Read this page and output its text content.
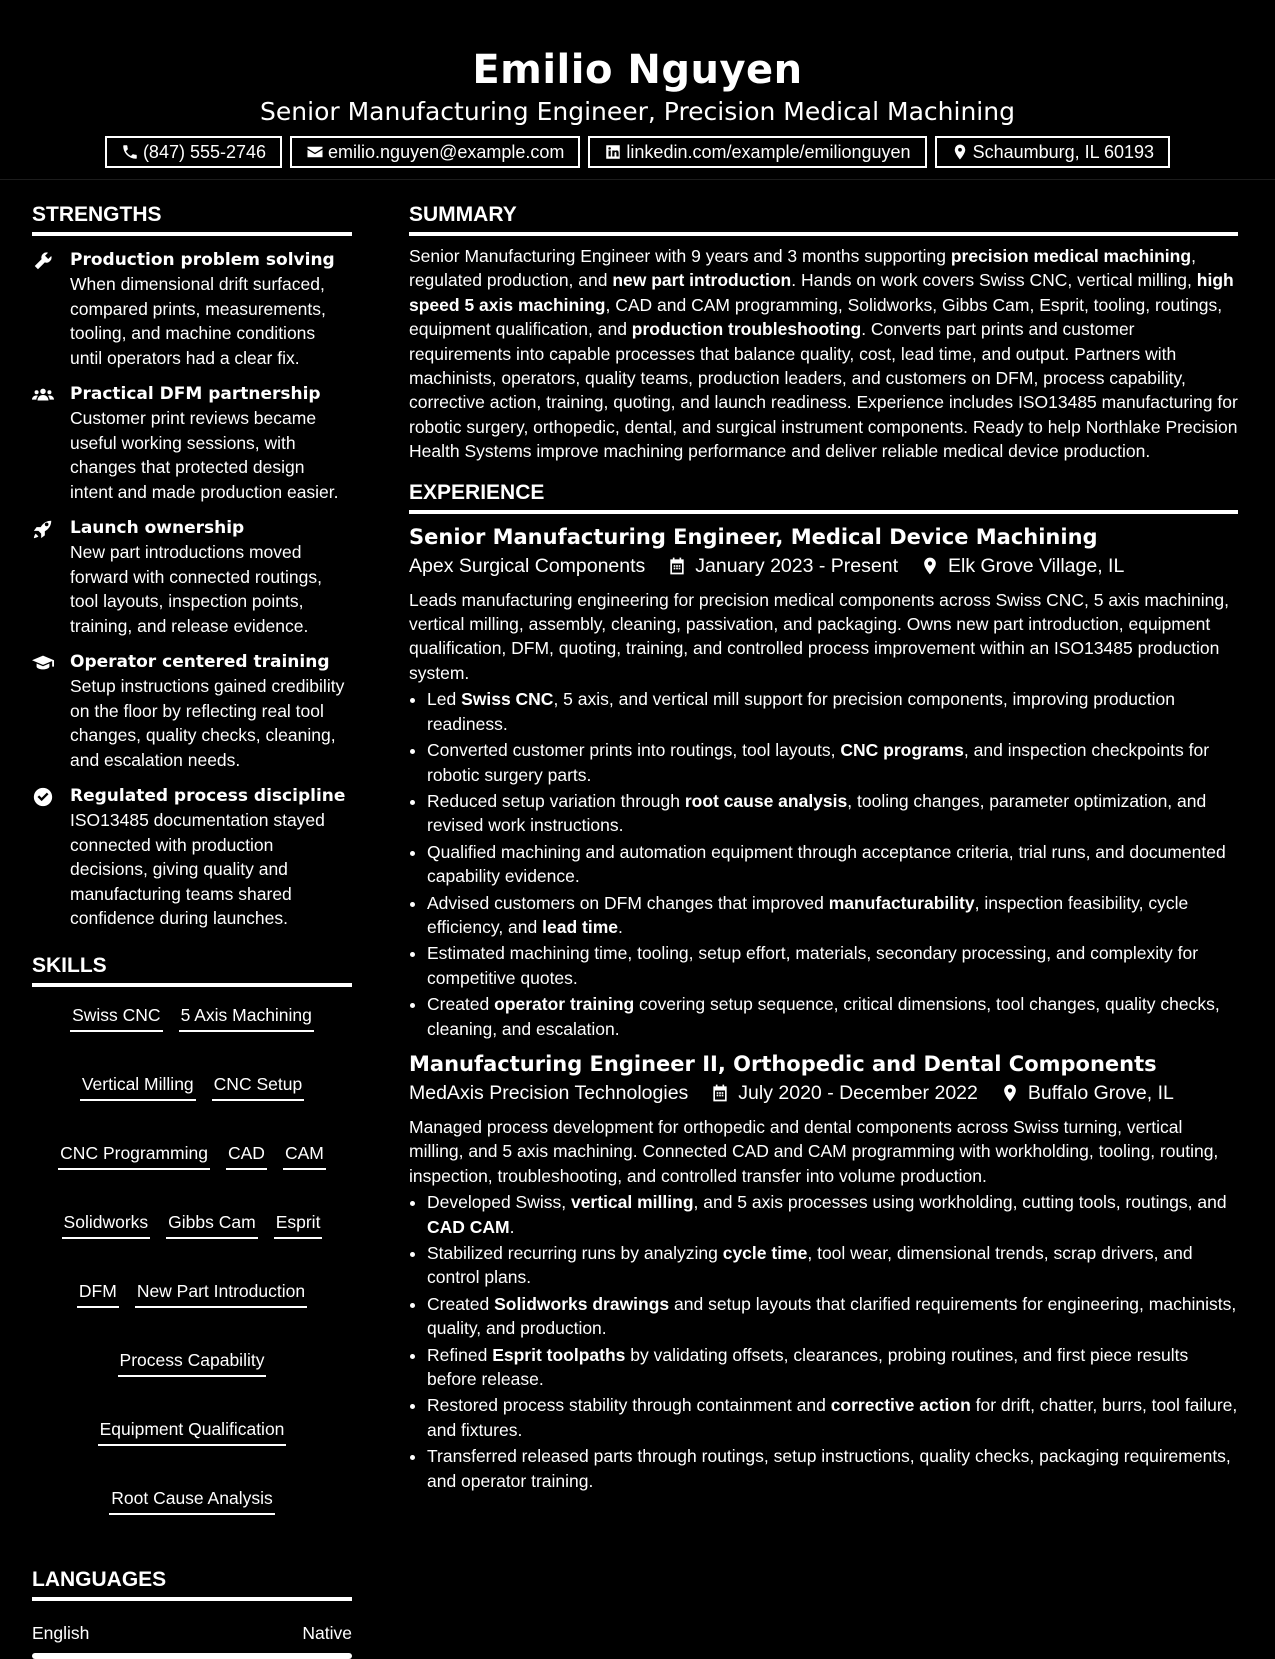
Emilio Nguyen
Senior Manufacturing Engineer, Precision Medical Machining
(847) 555-2746	emilio.nguyen@example.com	linkedin.com/example/emilionguyen	Schaumburg, IL 60193
STRENGTHS
Production problem solving
When dimensional drift surfaced, compared prints, measurements, tooling, and machine conditions until operators had a clear fix.
Practical DFM partnership
Customer print reviews became useful working sessions, with changes that protected design intent and made production easier.
Launch ownership
New part introductions moved forward with connected routings, tool layouts, inspection points, training, and release evidence.
Operator centered training
Setup instructions gained credibility on the floor by reflecting real tool changes, quality checks, cleaning, and escalation needs.
Regulated process discipline
ISO13485 documentation stayed connected with production decisions, giving quality and manufacturing teams shared confidence during launches.
SKILLS
Swiss CNC 5 Axis Machining
Vertical Milling CNC Setup
CNC Programming CAD CAM
Solidworks Gibbs Cam Esprit
DFM New Part Introduction
Process Capability
Equipment Qualification
Root Cause Analysis
LANGUAGES
English	Native
SUMMARY
Senior Manufacturing Engineer with 9 years and 3 months supporting precision medical machining, regulated production, and new part introduction. Hands on work covers Swiss CNC, vertical milling, high speed 5 axis machining, CAD and CAM programming, Solidworks, Gibbs Cam, Esprit, tooling, routings, equipment qualification, and production troubleshooting. Converts part prints and customer requirements into capable processes that balance quality, cost, lead time, and output. Partners with machinists, operators, quality teams, production leaders, and customers on DFM, process capability, corrective action, training, quoting, and launch readiness. Experience includes ISO13485 manufacturing for robotic surgery, orthopedic, dental, and surgical instrument components. Ready to help Northlake Precision Health Systems improve machining performance and deliver reliable medical device production.
EXPERIENCE
Senior Manufacturing Engineer, Medical Device Machining
Apex Surgical Components	January 2023 - Present	Elk Grove Village, IL
Leads manufacturing engineering for precision medical components across Swiss CNC, 5 axis machining, vertical milling, assembly, cleaning, passivation, and packaging. Owns new part introduction, equipment qualification, DFM, quoting, training, and controlled process improvement within an ISO13485 production system.
• Led Swiss CNC, 5 axis, and vertical mill support for precision components, improving production readiness.
• Converted customer prints into routings, tool layouts, CNC programs, and inspection checkpoints for robotic surgery parts.
• Reduced setup variation through root cause analysis, tooling changes, parameter optimization, and revised work instructions.
• Qualified machining and automation equipment through acceptance criteria, trial runs, and documented capability evidence.
• Advised customers on DFM changes that improved manufacturability, inspection feasibility, cycle efficiency, and lead time.
• Estimated machining time, tooling, setup effort, materials, secondary processing, and complexity for competitive quotes.
• Created operator training covering setup sequence, critical dimensions, tool changes, quality checks, cleaning, and escalation.
Manufacturing Engineer II, Orthopedic and Dental Components
MedAxis Precision Technologies	July 2020 - December 2022	Buffalo Grove, IL
Managed process development for orthopedic and dental components across Swiss turning, vertical milling, and 5 axis machining. Connected CAD and CAM programming with workholding, tooling, routing, inspection, troubleshooting, and controlled transfer into volume production.
• Developed Swiss, vertical milling, and 5 axis processes using workholding, cutting tools, routings, and CAD CAM.
• Stabilized recurring runs by analyzing cycle time, tool wear, dimensional trends, scrap drivers, and control plans.
• Created Solidworks drawings and setup layouts that clarified requirements for engineering, machinists, quality, and production.
• Refined Esprit toolpaths by validating offsets, clearances, probing routines, and first piece results before release.
• Restored process stability through containment and corrective action for drift, chatter, burrs, tool failure, and fixtures.
• Transferred released parts through routings, setup instructions, quality checks, packaging requirements, and operator training.
